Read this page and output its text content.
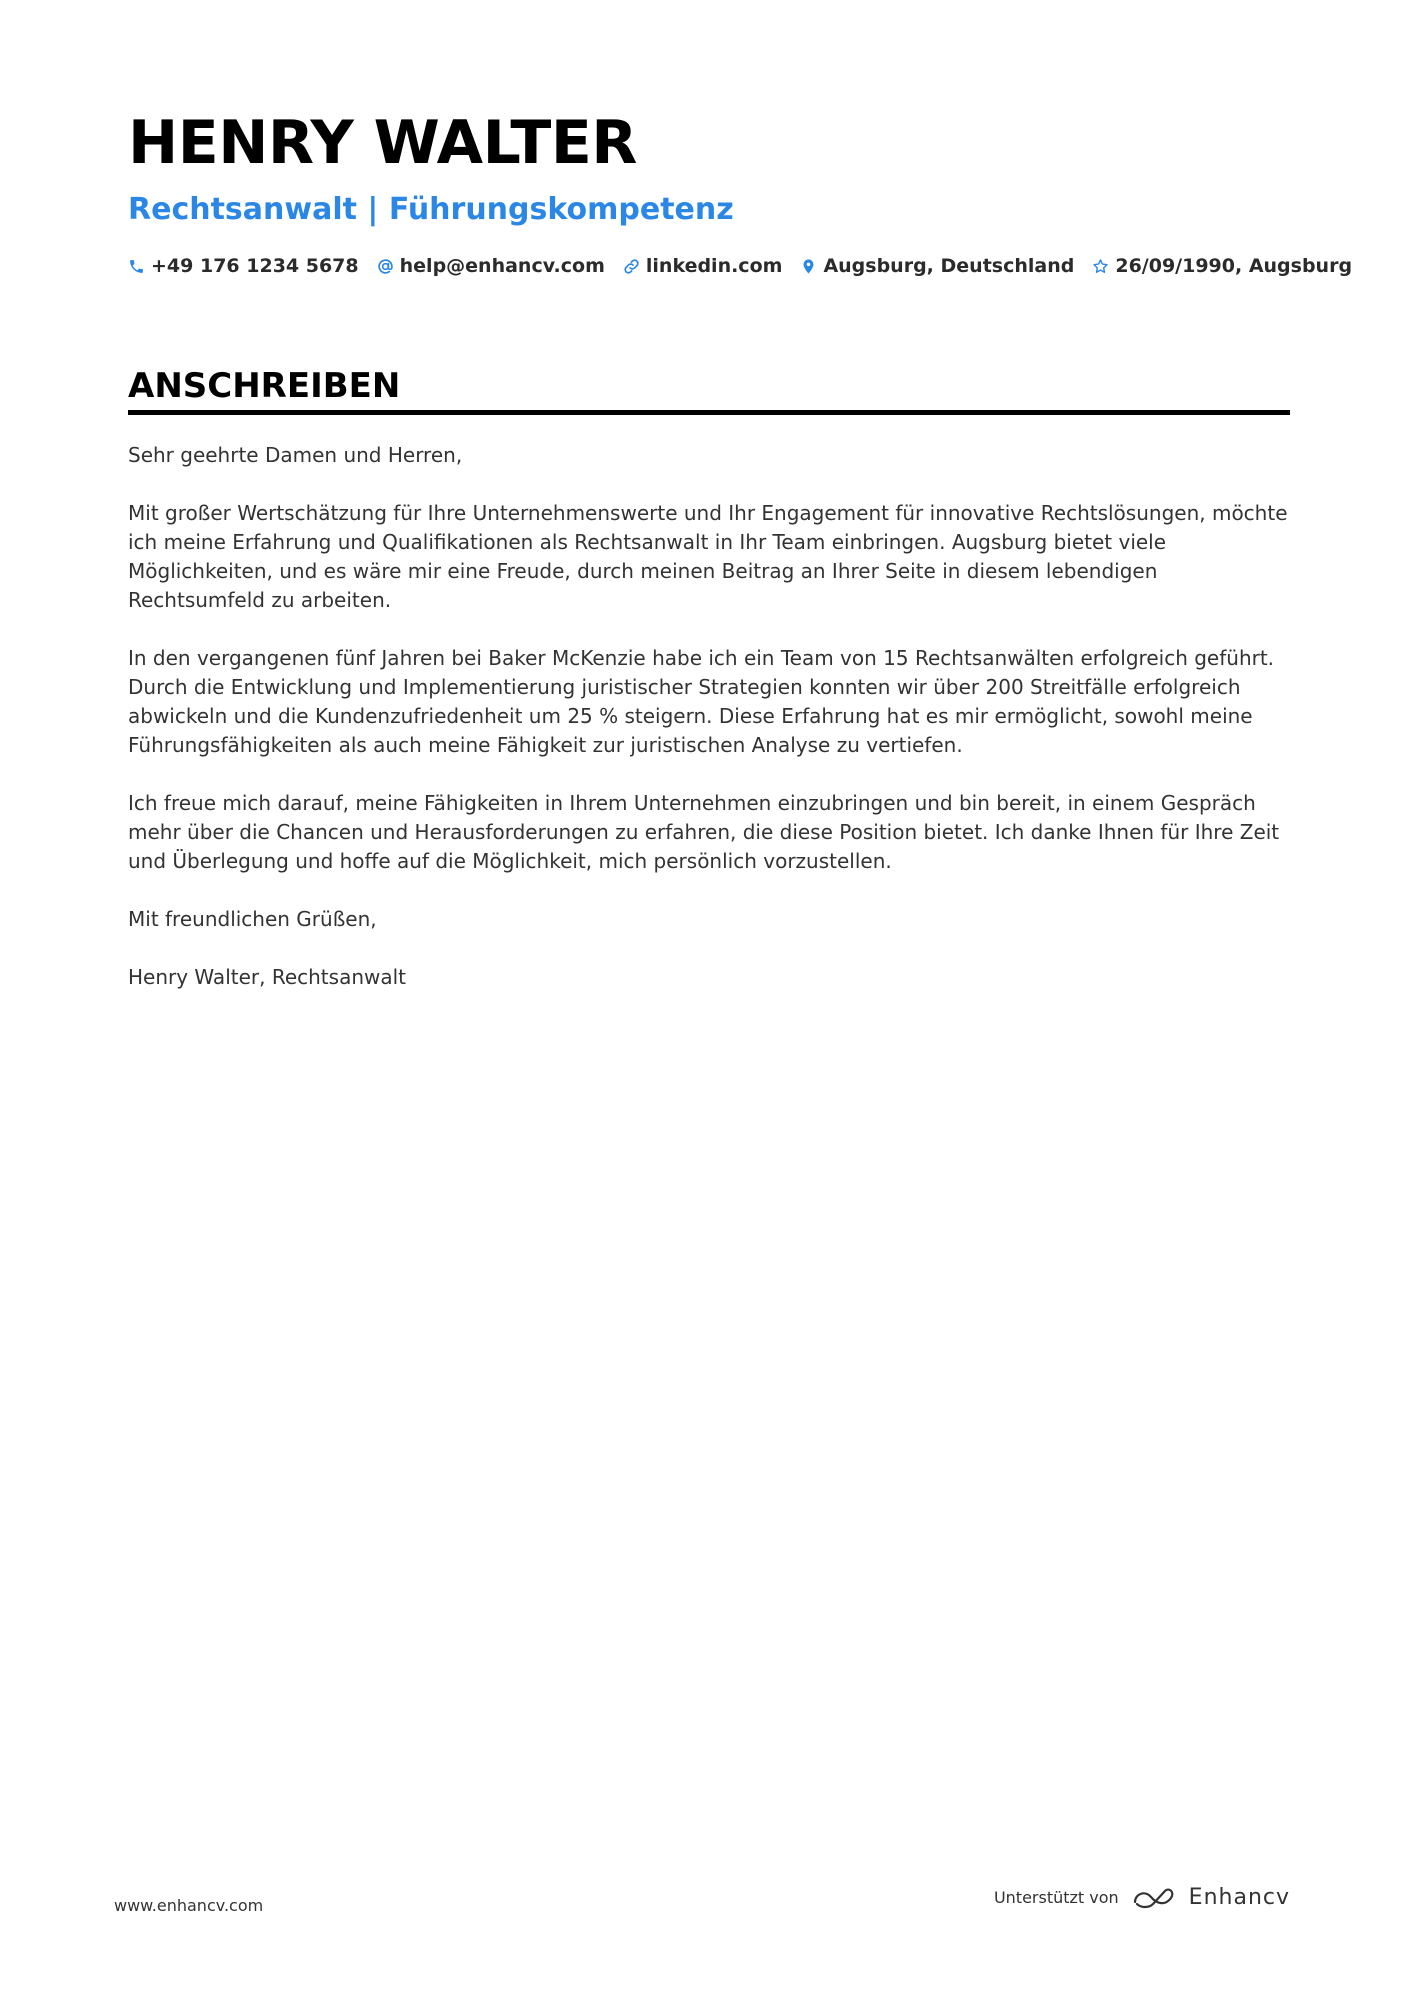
HENRY WALTER
Rechtsanwalt | Führungskompetenz
+49 176 1234 5678 help@enhancv.com linkedin.com Augsburg, Deutschland 26/09/1990, Augsburg
ANSCHREIBEN

Sehr geehrte Damen und Herren,

Mit großer Wertschätzung für Ihre Unternehmenswerte und Ihr Engagement für innovative Rechtslösungen, möchte ich meine Erfahrung und Qualifikationen als Rechtsanwalt in Ihr Team einbringen. Augsburg bietet viele Möglichkeiten, und es wäre mir eine Freude, durch meinen Beitrag an Ihrer Seite in diesem lebendigen Rechtsumfeld zu arbeiten.

In den vergangenen fünf Jahren bei Baker McKenzie habe ich ein Team von 15 Rechtsanwälten erfolgreich geführt. Durch die Entwicklung und Implementierung juristischer Strategien konnten wir über 200 Streitfälle erfolgreich abwickeln und die Kundenzufriedenheit um 25 % steigern. Diese Erfahrung hat es mir ermöglicht, sowohl meine Führungsfähigkeiten als auch meine Fähigkeit zur juristischen Analyse zu vertiefen.

Ich freue mich darauf, meine Fähigkeiten in Ihrem Unternehmen einzubringen und bin bereit, in einem Gespräch mehr über die Chancen und Herausforderungen zu erfahren, die diese Position bietet. Ich danke Ihnen für Ihre Zeit und Überlegung und hoffe auf die Möglichkeit, mich persönlich vorzustellen.

Mit freundlichen Grüßen,

Henry Walter, Rechtsanwalt

www.enhancv.com	Unterstützt von	Enhancv
